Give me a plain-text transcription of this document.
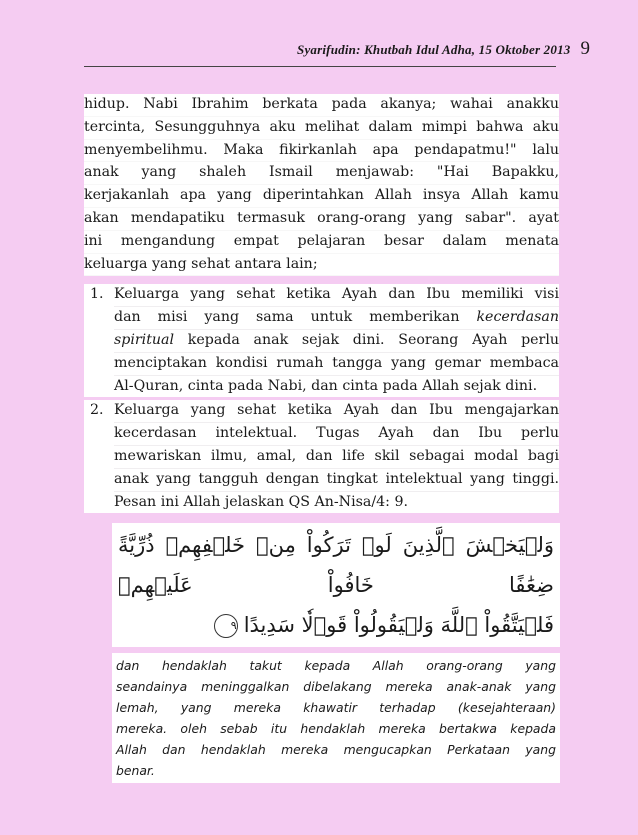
Syarifudin: Khutbah Idul Adha, 15 Oktober 2013 9
hidup. Nabi Ibrahim berkata pada akanya; wahai anakku
tercinta, Sesungguhnya aku melihat dalam mimpi bahwa aku
menyembelihmu. Maka fikirkanlah apa pendapatmu!" lalu
anak yang shaleh Ismail menjawab: "Hai Bapakku,
kerjakanlah apa yang diperintahkan Allah insya Allah kamu
akan mendapatiku termasuk orang-orang yang sabar". ayat
ini mengandung empat pelajaran besar dalam menata
keluarga yang sehat antara lain;
1. Keluarga yang sehat ketika Ayah dan Ibu memiliki visi
dan misi yang sama untuk memberikan kecerdasan
spiritual kepada anak sejak dini. Seorang Ayah perlu
menciptakan kondisi rumah tangga yang gemar membaca
Al-Quran, cinta pada Nabi, dan cinta pada Allah sejak dini.
2. Keluarga yang sehat ketika Ayah dan Ibu mengajarkan
kecerdasan intelektual. Tugas Ayah dan Ibu perlu
mewariskan ilmu, amal, dan life skil sebagai modal bagi
anak yang tangguh dengan tingkat intelektual yang tinggi.
Pesan ini Allah jelaskan QS An-Nisa/4: 9.
وَلۡيَخۡشَ ٱلَّذِينَ لَوۡ تَرَكُواْ مِنۡ خَلۡفِهِمۡ ذُرِّيَّةً ضِعَٰفًا خَافُواْ عَلَيۡهِمۡ
فَلۡيَتَّقُواْ ٱللَّهَ وَلۡيَقُولُواْ قَوۡلٗا سَدِيدًا٩
dan hendaklah takut kepada Allah orang-orang yang
seandainya meninggalkan dibelakang mereka anak-anak yang
lemah, yang mereka khawatir terhadap (kesejahteraan)
mereka. oleh sebab itu hendaklah mereka bertakwa kepada
Allah dan hendaklah mereka mengucapkan Perkataan yang
benar.
